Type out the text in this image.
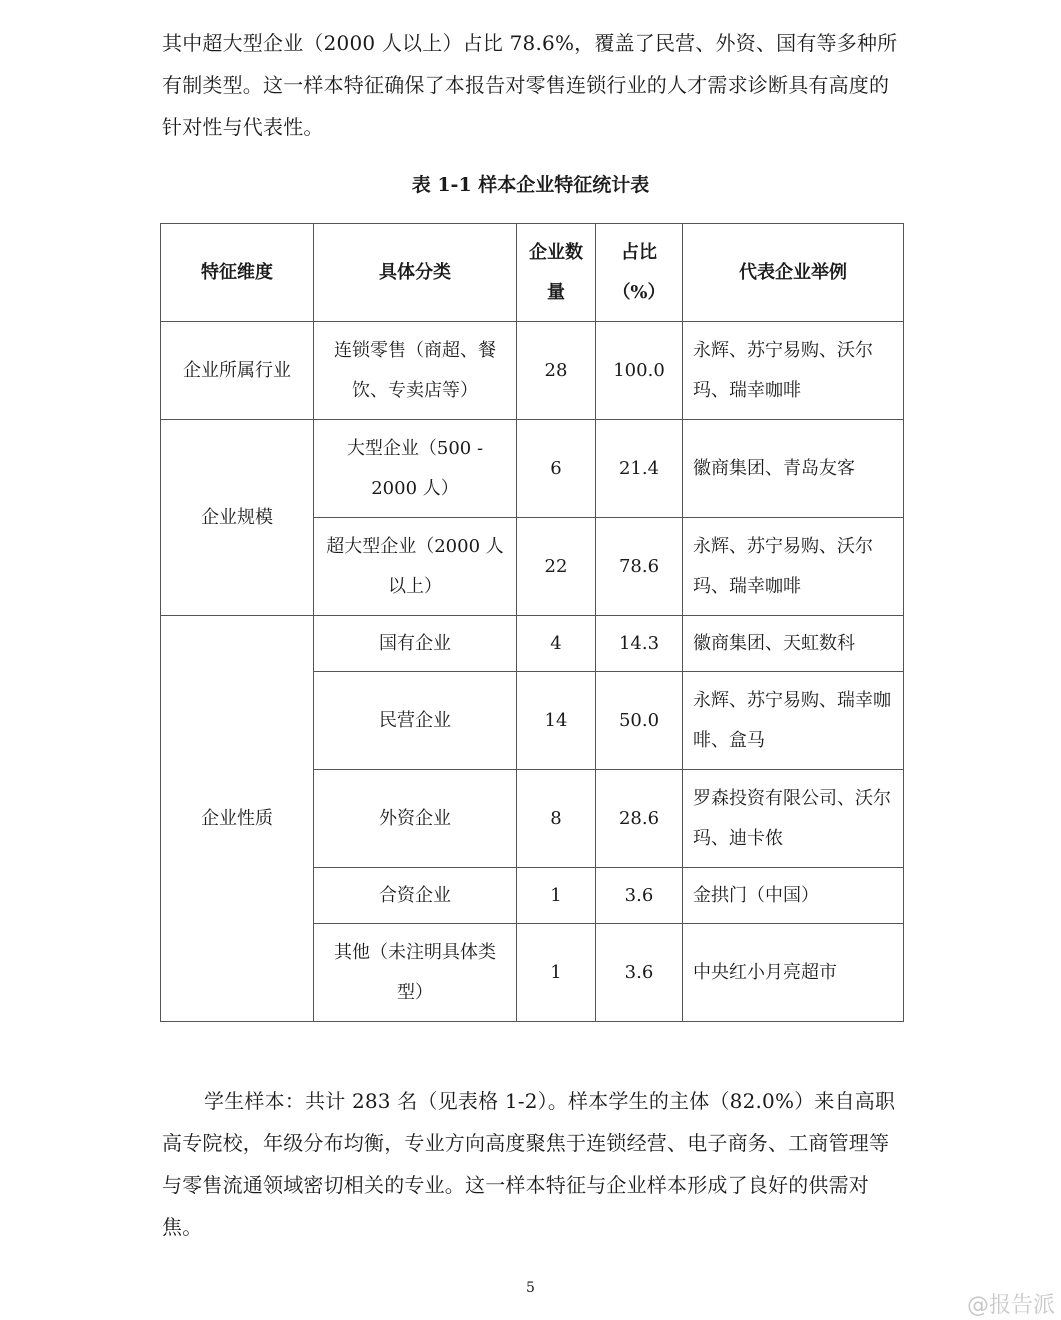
其中超大型企业（2000 人以上）占比 78.6%，覆盖了民营、外资、国有等多种所有制类型。这一样本特征确保了本报告对零售连锁行业的人才需求诊断具有高度的针对性与代表性。

表 1-1 样本企业特征统计表
特征维度	具体分类	企业数量	占比（%）	代表企业举例
企业所属行业	连锁零售（商超、餐饮、专卖店等）	28	100.0	永辉、苏宁易购、沃尔玛、瑞幸咖啡
企业规模	大型企业（500 - 2000 人）	6	21.4	徽商集团、青岛友客
	超大型企业（2000 人以上）	22	78.6	永辉、苏宁易购、沃尔玛、瑞幸咖啡
企业性质	国有企业	4	14.3	徽商集团、天虹数科
	民营企业	14	50.0	永辉、苏宁易购、瑞幸咖啡、盒马
	外资企业	8	28.6	罗森投资有限公司、沃尔玛、迪卡侬
	合资企业	1	3.6	金拱门（中国）
	其他（未注明具体类型）	1	3.6	中央红小月亮超市

学生样本：共计 283 名（见表格 1-2）。样本学生的主体（82.0%）来自高职高专院校，年级分布均衡，专业方向高度聚焦于连锁经营、电子商务、工商管理等与零售流通领域密切相关的专业。这一样本特征与企业样本形成了良好的供需对焦。

5
@报告派
